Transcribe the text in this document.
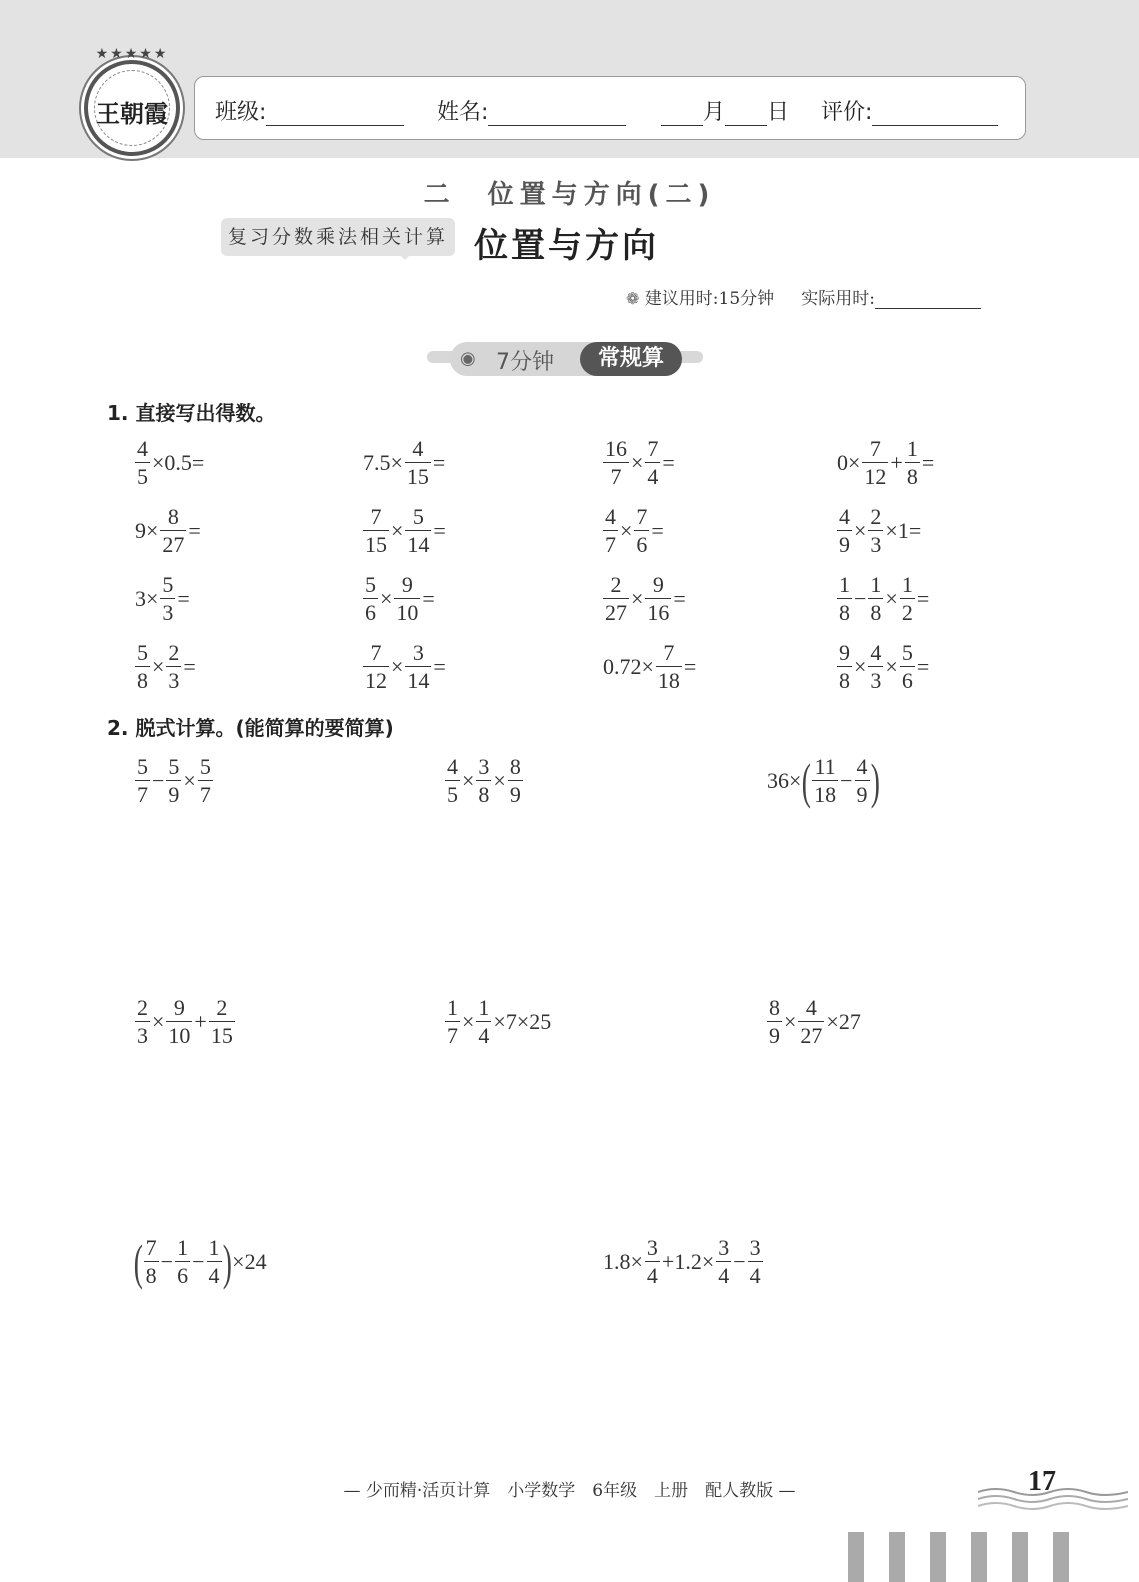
★★★★★
王朝霞	班级:	姓名:	月 日 评价:
二　位置与方向(二)
复习分数乘法相关计算 位置与方向
❁ 建议用时:15分钟 实际用时:
◉ 7分钟	常规算
1. 直接写出得数。
$\frac{4}{5} \times 0.5=$	$7.5\times \frac{4}{15}$ =	$\frac{16}{7} \times \frac{7}{4}$ =	$0\times \frac{7}{12} + \frac{1}{8}$ =
$9\times \frac{8}{27}$ =	$\frac{7}{15} \times \frac{5}{14}$ =	$\frac{4}{7} \times \frac{7}{6}$ =	$\frac{4}{9} \times \frac{2}{3} \times 1=$
$3\times \frac{5}{3}$ =	$\frac{5}{6} \times \frac{9}{10}$ =	$\frac{2}{27} \times \frac{9}{16}$ =	$\frac{1}{8} - \frac{1}{8} \times \frac{1}{2}$ =
$\frac{5}{8} \times \frac{2}{3}$ =	$\frac{7}{12} \times \frac{3}{14}$ =	$0.72\times \frac{7}{18}$ =	$\frac{9}{8} \times \frac{4}{3} \times \frac{5}{6}$ =
2. 脱式计算。(能简算的要简算)
$\frac{5}{7} - \frac{5}{9} \times \frac{5}{7}$	$\frac{4}{5} \times \frac{3}{8} \times \frac{8}{9}$	36× ( $\frac{11}{18} - \frac{4}{9}$ )
$\frac{2}{3} \times \frac{9}{10} + \frac{2}{15}$	$\frac{1}{7} \times \frac{1}{4} \times 7\times 25$	$\frac{8}{9} \times \frac{4}{27} \times 27$
( $\frac{7}{8} - \frac{1}{6} - \frac{1}{4}$ ) ×24	$1.8\times \frac{3}{4} +1.2\times \frac{3}{4} - \frac{3}{4}$
— 少而精·活页计算　小学数学　6年级　上册　配人教版 —	17
